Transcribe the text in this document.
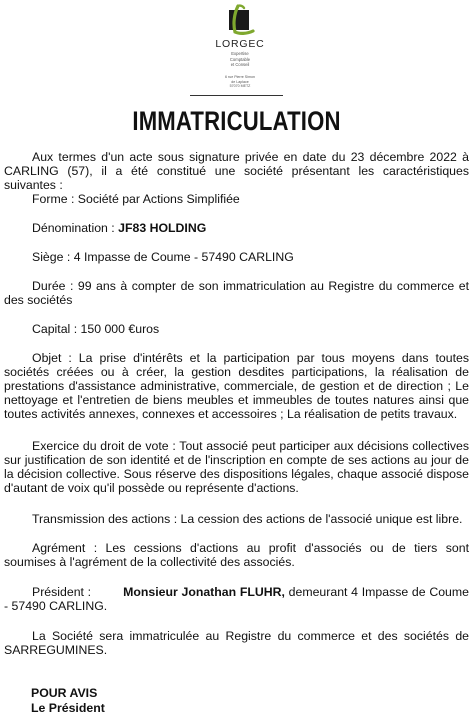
LORGEC
Expertise
Comptable
et Conseil
6 rue Pierre Simon
de Laplace
57070 METZ
IMMATRICULATION
Aux termes d'un acte sous signature privée en date du 23 décembre 2022 à CARLING (57), il a été constitué une société présentant les caractéristiques suivantes :
Forme : Société par Actions Simplifiée
Dénomination : JF83 HOLDING
Siège : 4 Impasse de Coume - 57490 CARLING
Durée : 99 ans à compter de son immatriculation au Registre du commerce et des sociétés
Capital : 150 000 €uros
Objet : La prise d'intérêts et la participation par tous moyens dans toutes sociétés créées ou à créer, la gestion desdites participations, la réalisation de prestations d'assistance administrative, commerciale, de gestion et de direction ; Le nettoyage et l'entretien de biens meubles et immeubles de toutes natures ainsi que toutes activités annexes, connexes et accessoires ; La réalisation de petits travaux.
Exercice du droit de vote : Tout associé peut participer aux décisions collectives sur justification de son identité et de l'inscription en compte de ses actions au jour de la décision collective. Sous réserve des dispositions légales, chaque associé dispose d'autant de voix qu'il possède ou représente d'actions.
Transmission des actions : La cession des actions de l'associé unique est libre.
Agrément : Les cessions d'actions au profit d'associés ou de tiers sont soumises à l'agrément de la collectivité des associés.
Président :	Monsieur Jonathan FLUHR, demeurant 4 Impasse de Coume - 57490 CARLING.
La Société sera immatriculée au Registre du commerce et des sociétés de SARREGUMINES.
POUR AVIS
Le Président
